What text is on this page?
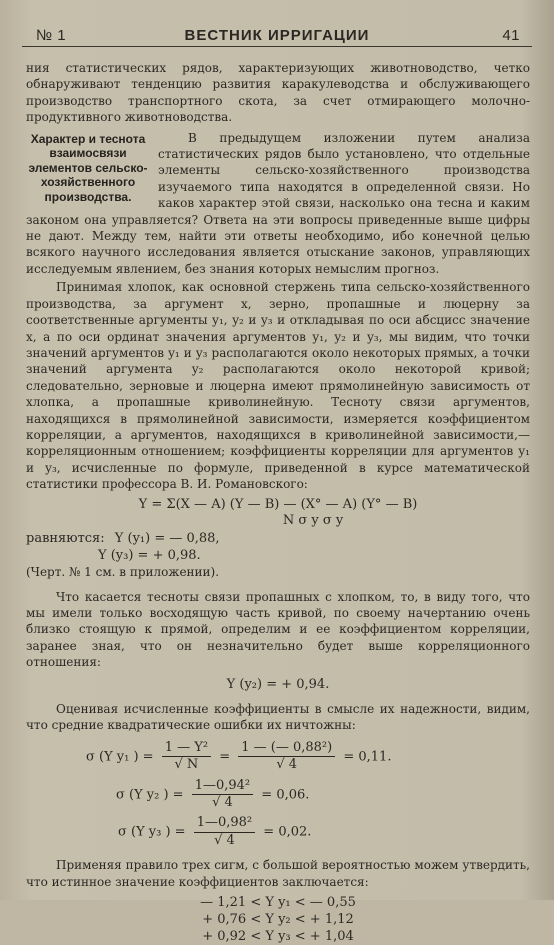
№ 1	ВЕСТНИК ИРРИГАЦИИ	41

ния статистических рядов, характеризующих животноводство, четко обнаруживают тенденцию развития каракулеводства и обслуживающего производство транспортного скота, за счет отмирающего молочно-продуктивного животноводства.

Характер и теснота взаимосвязи элементов сельско-хозяйственного производства.

В предыдущем изложении путем анализа статистических рядов было установлено, что отдельные элементы сельско-хозяйственного производства изучаемого типа находятся в определенной связи. Но каков характер этой связи, насколько она тесна и каким законом она управляется? Ответа на эти вопросы приведенные выше цифры не дают. Между тем, найти эти ответы необходимо, ибо конечной целью всякого научного исследования является отыскание законов, управляющих исследуемым явлением, без знания которых немыслим прогноз.

Принимая хлопок, как основной стержень типа сельско-хозяйственного производства, за аргумент x, зерно, пропашные и люцерну за соответственные аргументы y₁, y₂ и y₃ и откладывая по оси абсцисс значение x, а по оси ординат значения аргументов y₁, y₂ и y₃, мы видим, что точки значений аргументов y₁ и y₃ располагаются около некоторых прямых, а точки значений аргумента y₂ располагаются около некоторой кривой; следовательно, зерновые и люцерна имеют прямолинейную зависимость от хлопка, а пропашные криволинейную. Тесноту связи аргументов, находящихся в прямолинейной зависимости, измеряется коэффициентом корреляции, а аргументов, находящихся в криволинейной зависимости,—корреляционным отношением; коэффициенты корреляции для аргументов y₁ и y₃, исчисленные по формуле, приведенной в курсе математической статистики профессора В. И. Романовского:

Υ = Σ(X — A) (Y — B) — (X° — A) (Y° — B)
N σ y σ y
равняются: Υ (y₁) = — 0,88,
Υ (y₃) = + 0,98.
(Черт. № 1 см. в приложении).

Что касается тесноты связи пропашных с хлопком, то, в виду того, что мы имели только восходящую часть кривой, по своему начертанию очень близко стоящую к прямой, определим и ее коэффициентом корреляции, заранее зная, что он незначительно будет выше корреляционного отношения:

Υ (y₂) = + 0,94.

Оценивая исчисленные коэффициенты в смысле их надежности, видим, что средние квадратические ошибки их ничтожны:

σ (Υ y₁ ) = $\frac{\text{1 — Υ²}}{√ N} = \frac{\text{1 — (— 0,88²)}}{√ 4} = 0,11$.
σ (Υ y₂ ) = $\frac{\text{1—0,94²}}{√ 4} = 0,06$.
σ (Υ y₃ ) = $\frac{\text{1—0,98²}}{√ 4} = 0,02$.

Применяя правило трех сигм, с большой вероятностью можем утвердить, что истинное значение коэффициентов заключается:

— 1,21 < Υ y₁ < — 0,55
+ 0,76 < Υ y₂ < + 1,12
+ 0,92 < Υ y₃ < + 1,04
